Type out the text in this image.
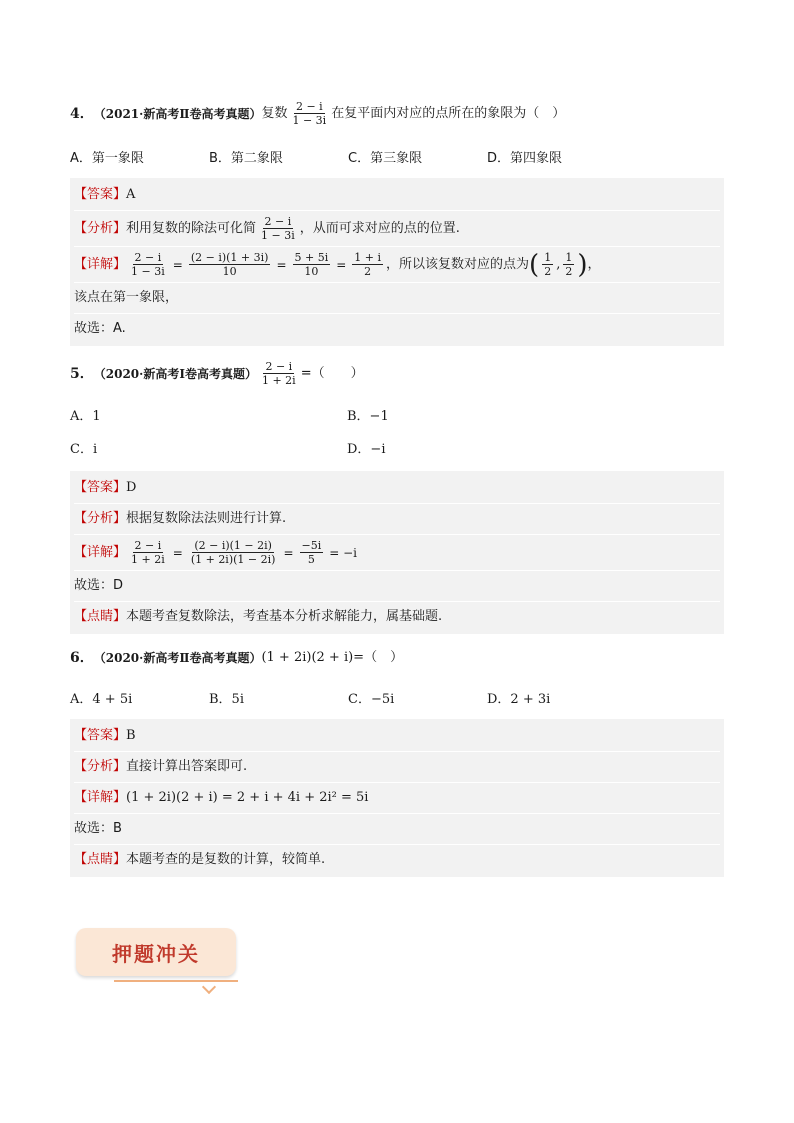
4． （2021·新高考Ⅱ卷高考真题） 复数 $\frac{2 - i}{1 - 3i}$ 在复平面内对应的点所在的象限为（　）
A．第一象限	B．第二象限	C．第三象限	D．第四象限
【答案】 A
【分析】 利用复数的除法可化简 $\frac{2 - i}{1 - 3i}$ ，从而可求对应的点的位置.
【详解】 $\frac{2 - i}{1 - 3i} = \frac{(2 - i)(1 + 3i)}{10} = \frac{5 + 5i}{10} = \frac{1 + i}{2}$ ，所以该复数对应的点为 ( $\frac{1}{2}$ , $\frac{1}{2}$ ) ，
该点在第一象限，
故选：A.
5． （2020·新高考Ⅰ卷高考真题） $\frac{2 - i}{1 + 2i}$ =（　　）
A．1	B．−1
C．i	D．−i
【答案】 D
【分析】 根据复数除法法则进行计算.
【详解】 $\frac{2 - i}{1 + 2i} = \frac{(2 - i)(1 - 2i)}{(1 + 2i)(1 - 2i)} = \frac{-5i}{5} = -i$
故选：D
【点睛】 本题考查复数除法，考查基本分析求解能力，属基础题.
6． （2020·新高考Ⅱ卷高考真题） (1 + 2i)(2 + i)=（　）
A．4 + 5i	B．5i	C．−5i	D．2 + 3i
【答案】 B
【分析】 直接计算出答案即可.
【详解】 (1 + 2i)(2 + i) = 2 + i + 4i + 2i² = 5i
故选：B
【点睛】 本题考查的是复数的计算，较简单.
押题冲关
